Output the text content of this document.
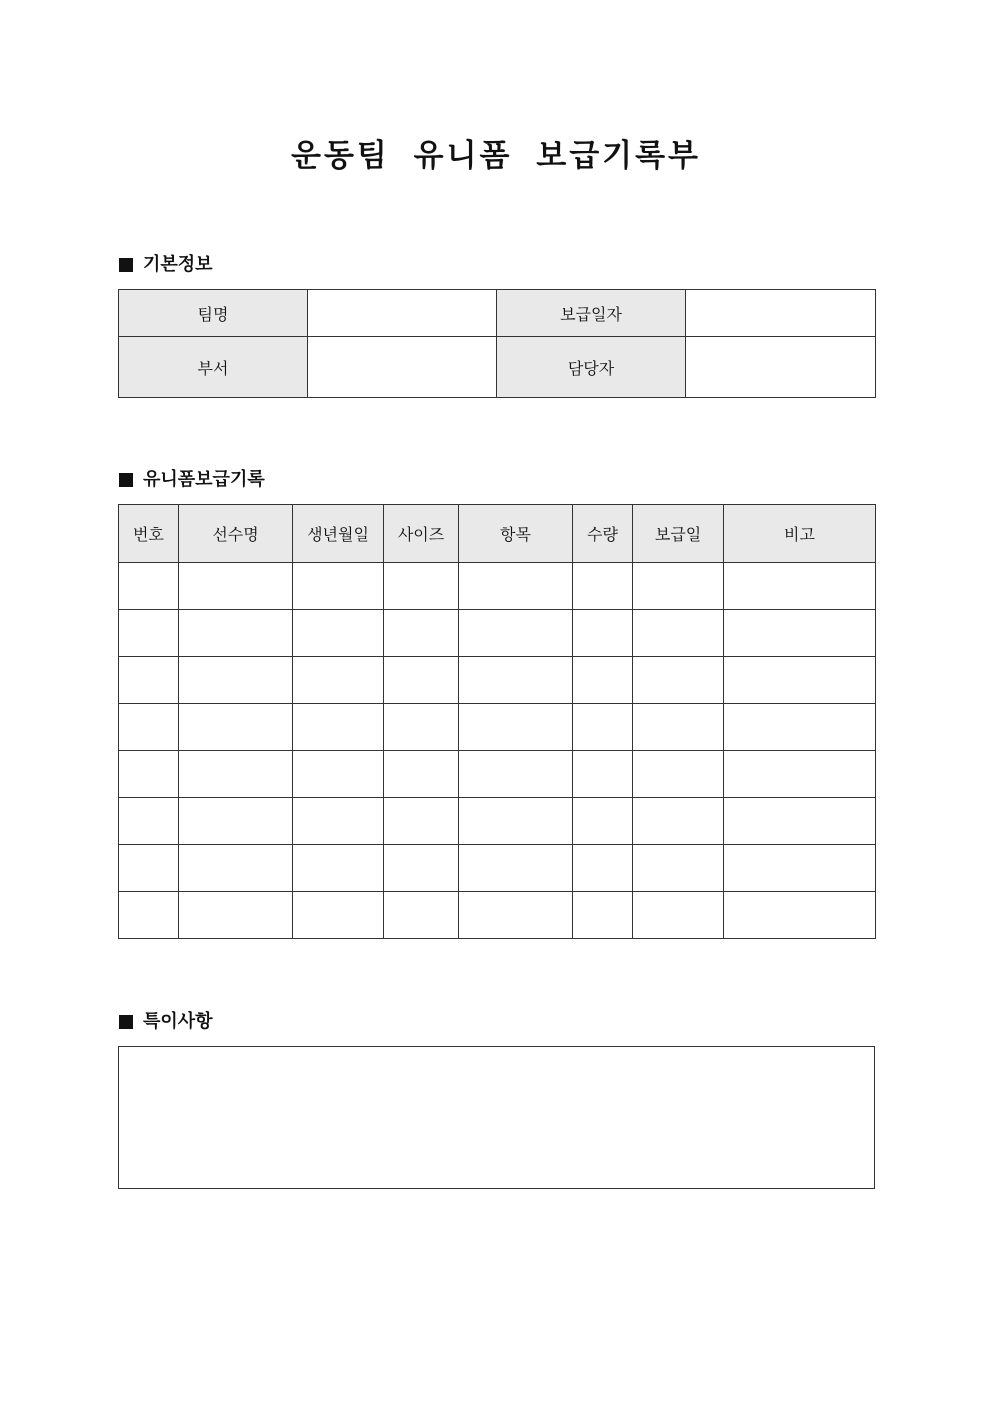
운동팀 유니폼 보급기록부
기본정보
팀명		보급일자	
부서		담당자	
유니폼보급기록
번호	선수명	생년월일	사이즈	항목	수량	보급일	비고

특이사항
